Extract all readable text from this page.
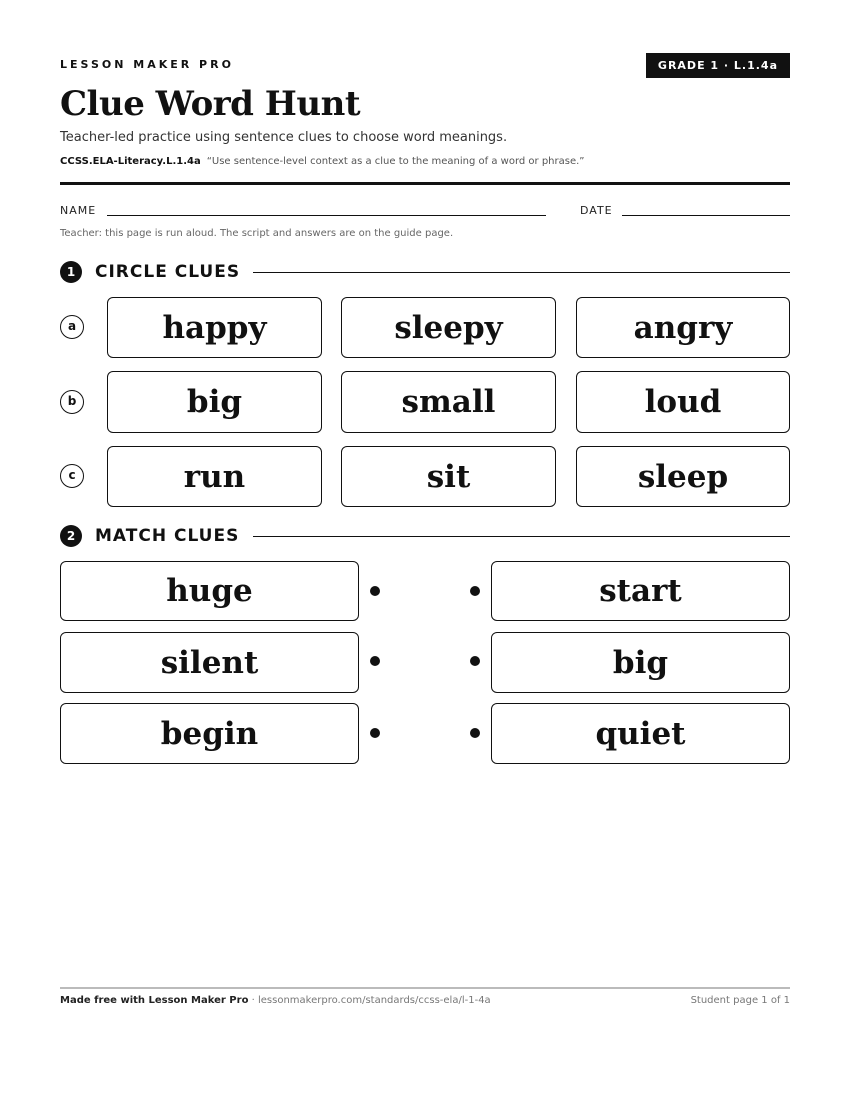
LESSON MAKER PRO	GRADE 1 · L.1.4a
Clue Word Hunt
Teacher-led practice using sentence clues to choose word meanings.
CCSS.ELA-Literacy.L.1.4a “Use sentence-level context as a clue to the meaning of a word or phrase.”
NAME	DATE
Teacher: this page is run aloud. The script and answers are on the guide page.
1	CIRCLE CLUES
a	happy	sleepy	angry
b	big	small	loud
c	run	sit	sleep
2	MATCH CLUES
huge	start
silent	big
begin	quiet
Made free with Lesson Maker Pro · lessonmakerpro.com/standards/ccss-ela/l-1-4a	Student page 1 of 1
